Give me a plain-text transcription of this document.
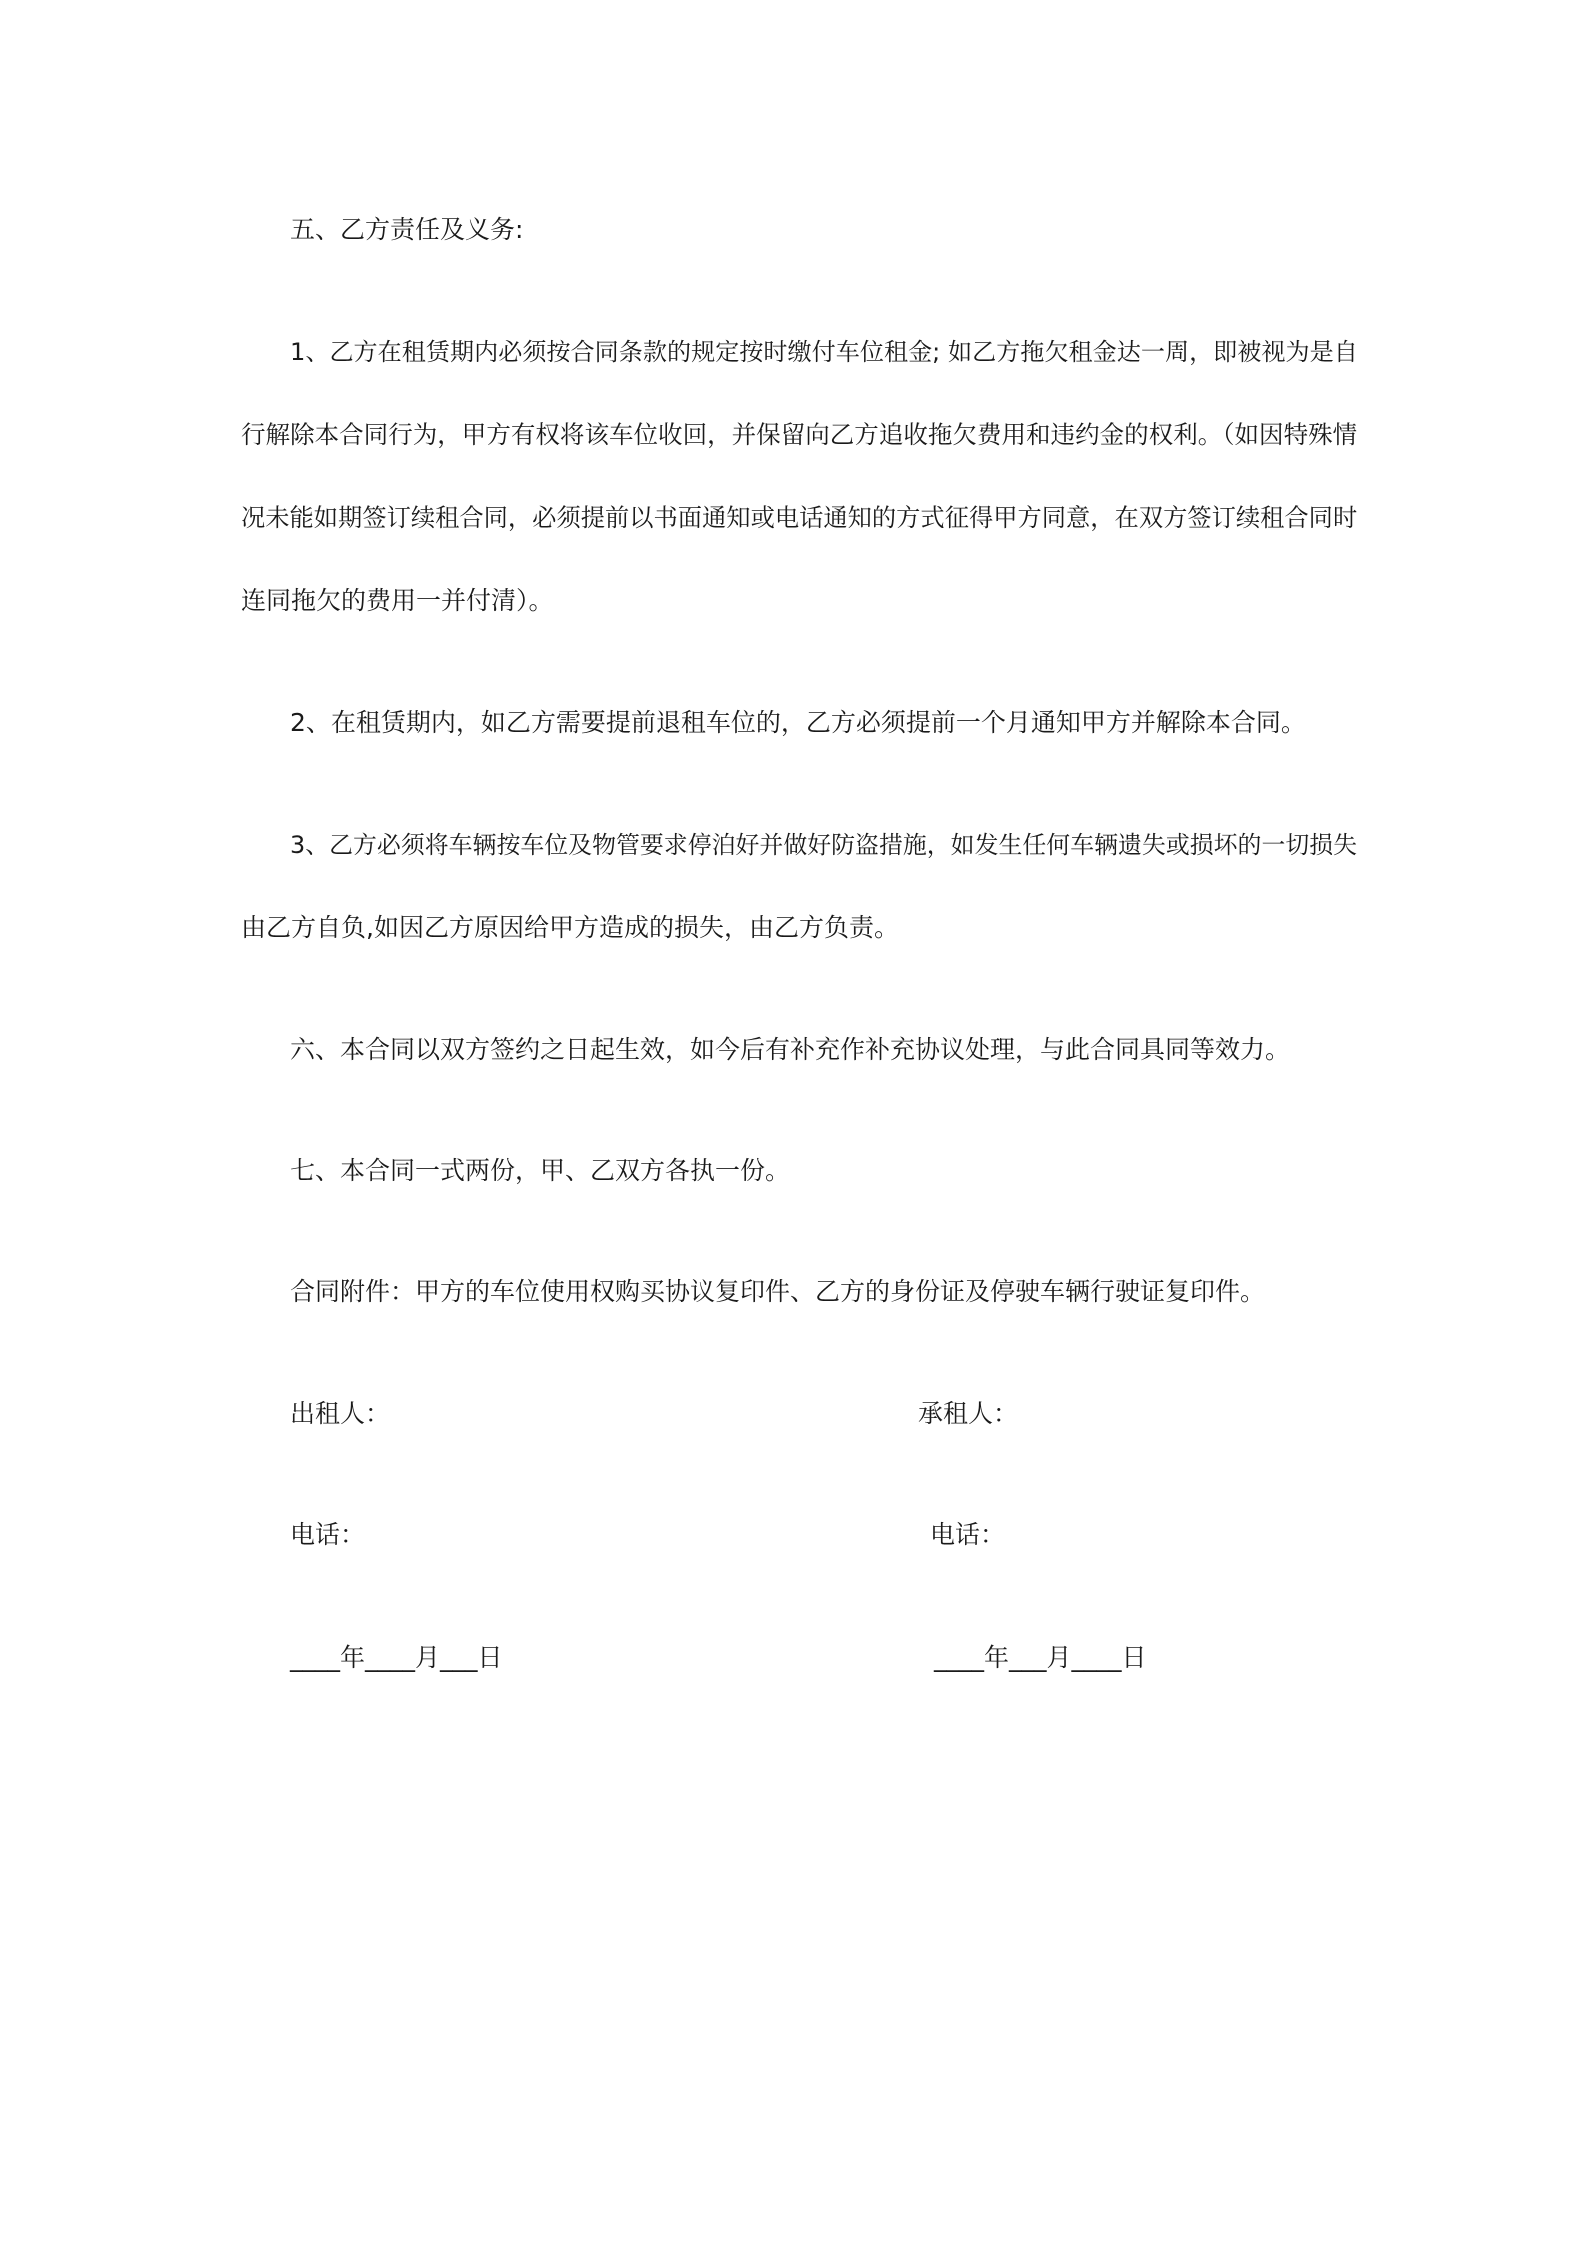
五、乙方责任及义务:
1、乙方在租赁期内必须按合同条款的规定按时缴付车位租金; 如乙方拖欠租金达一周，即被视为是自
行解除本合同行为，甲方有权将该车位收回，并保留向乙方追收拖欠费用和违约金的权利。（如因特殊情
况未能如期签订续租合同，必须提前以书面通知或电话通知的方式征得甲方同意，在双方签订续租合同时
连同拖欠的费用一并付清）。
2、在租赁期内，如乙方需要提前退租车位的，乙方必须提前一个月通知甲方并解除本合同。
3、乙方必须将车辆按车位及物管要求停泊好并做好防盗措施，如发生任何车辆遗失或损坏的一切损失
由乙方自负,如因乙方原因给甲方造成的损失，由乙方负责。
六、本合同以双方签约之日起生效，如今后有补充作补充协议处理，与此合同具同等效力。
七、本合同一式两份，甲、乙双方各执一份。
合同附件：甲方的车位使用权购买协议复印件、乙方的身份证及停驶车辆行驶证复印件。
出租人：	承租人：
电话：	电话：
____年____月___日	____年___月____日
